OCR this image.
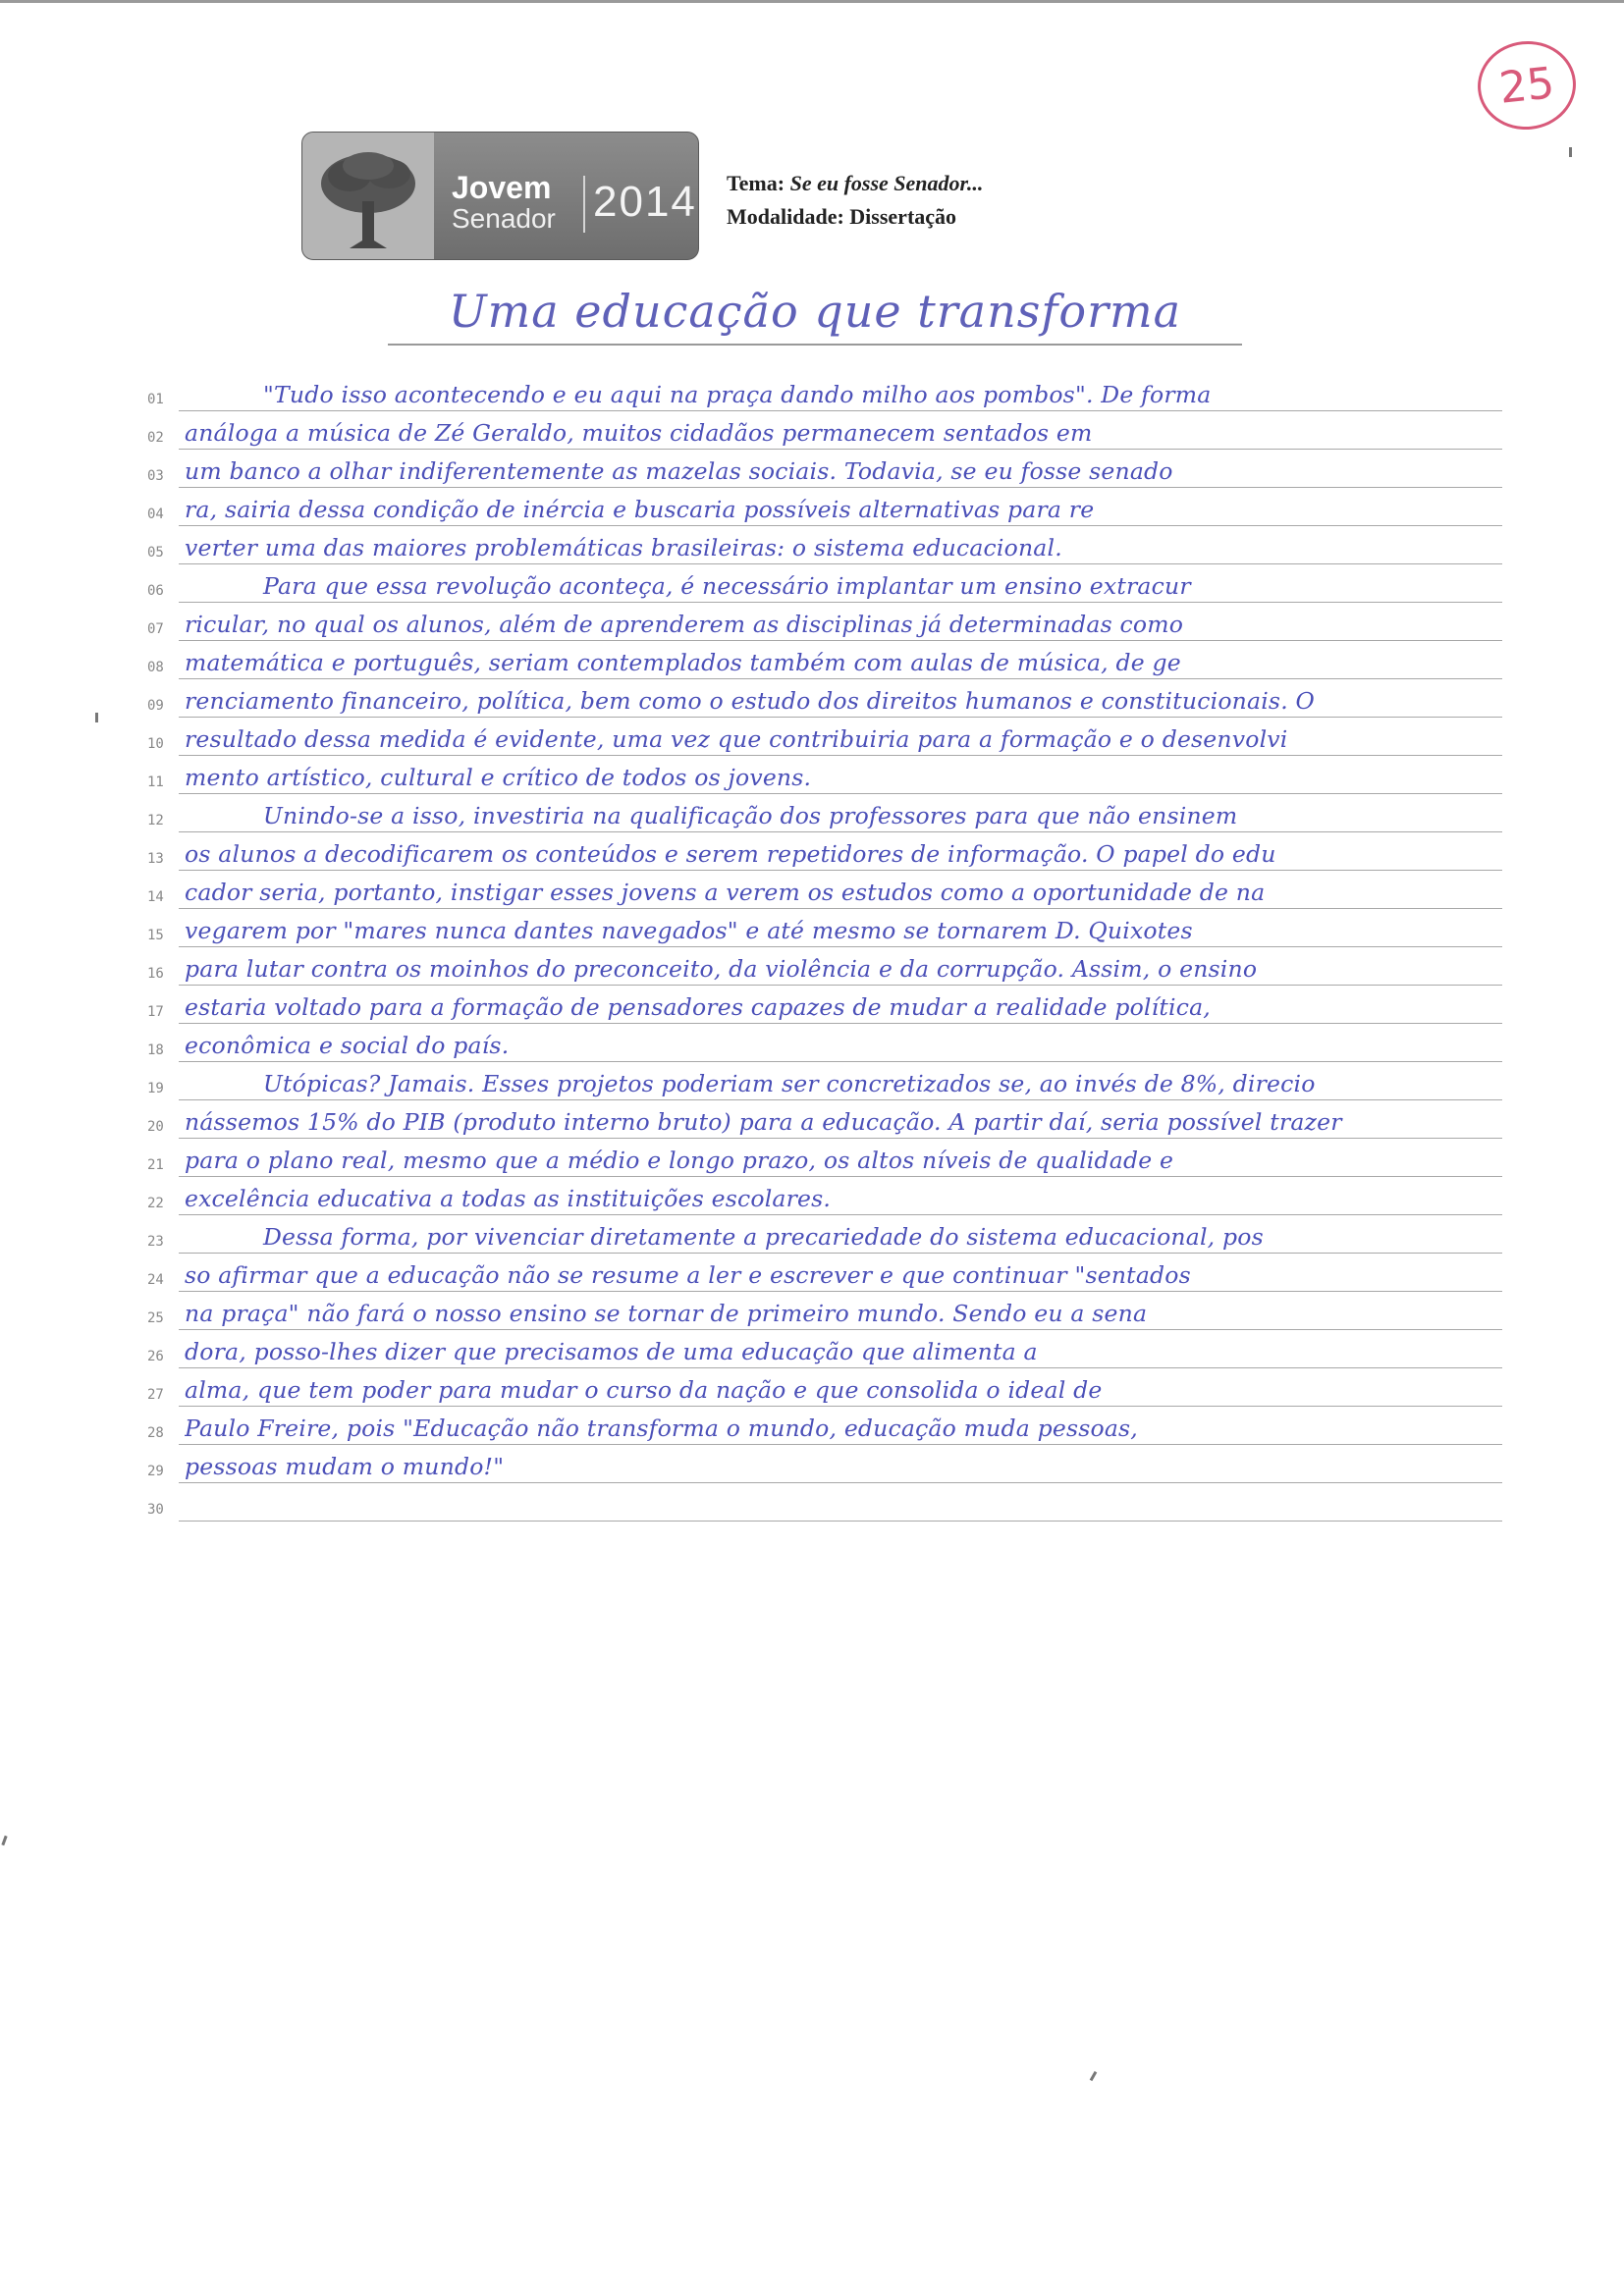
25
Jovem
Senador 2014 Tema: Se eu fosse Senador...
Modalidade: Dissertação
Uma educação que transforma
01	"Tudo isso acontecendo e eu aqui na praça dando milho aos pombos". De forma
02 análoga a música de Zé Geraldo, muitos cidadãos permanecem sentados em
03 um banco a olhar indiferentemente as mazelas sociais. Todavia, se eu fosse senado
04 ra, sairia dessa condição de inércia e buscaria possíveis alternativas para re
05 verter uma das maiores problemáticas brasileiras: o sistema educacional.
06	Para que essa revolução aconteça, é necessário implantar um ensino extracur
07 ricular, no qual os alunos, além de aprenderem as disciplinas já determinadas como
08 matemática e português, seriam contemplados também com aulas de música, de ge
09 renciamento financeiro, política, bem como o estudo dos direitos humanos e constitucionais. O
10 resultado dessa medida é evidente, uma vez que contribuiria para a formação e o desenvolvi
11 mento artístico, cultural e crítico de todos os jovens.
12	Unindo-se a isso, investiria na qualificação dos professores para que não ensinem
13 os alunos a decodificarem os conteúdos e serem repetidores de informação. O papel do edu
14 cador seria, portanto, instigar esses jovens a verem os estudos como a oportunidade de na
15 vegarem por "mares nunca dantes navegados" e até mesmo se tornarem D. Quixotes
16 para lutar contra os moinhos do preconceito, da violência e da corrupção. Assim, o ensino
17 estaria voltado para a formação de pensadores capazes de mudar a realidade política,
18 econômica e social do país.
19	Utópicas? Jamais. Esses projetos poderiam ser concretizados se, ao invés de 8%, direcio
20 nássemos 15% do PIB (produto interno bruto) para a educação. A partir daí, seria possível trazer
21 para o plano real, mesmo que a médio e longo prazo, os altos níveis de qualidade e
22 excelência educativa a todas as instituições escolares.
23	Dessa forma, por vivenciar diretamente a precariedade do sistema educacional, pos
24 so afirmar que a educação não se resume a ler e escrever e que continuar "sentados
25 na praça" não fará o nosso ensino se tornar de primeiro mundo. Sendo eu a sena
26 dora, posso-lhes dizer que precisamos de uma educação que alimenta a
27 alma, que tem poder para mudar o curso da nação e que consolida o ideal de
28 Paulo Freire, pois "Educação não transforma o mundo, educação muda pessoas,
29 pessoas mudam o mundo!"
30
